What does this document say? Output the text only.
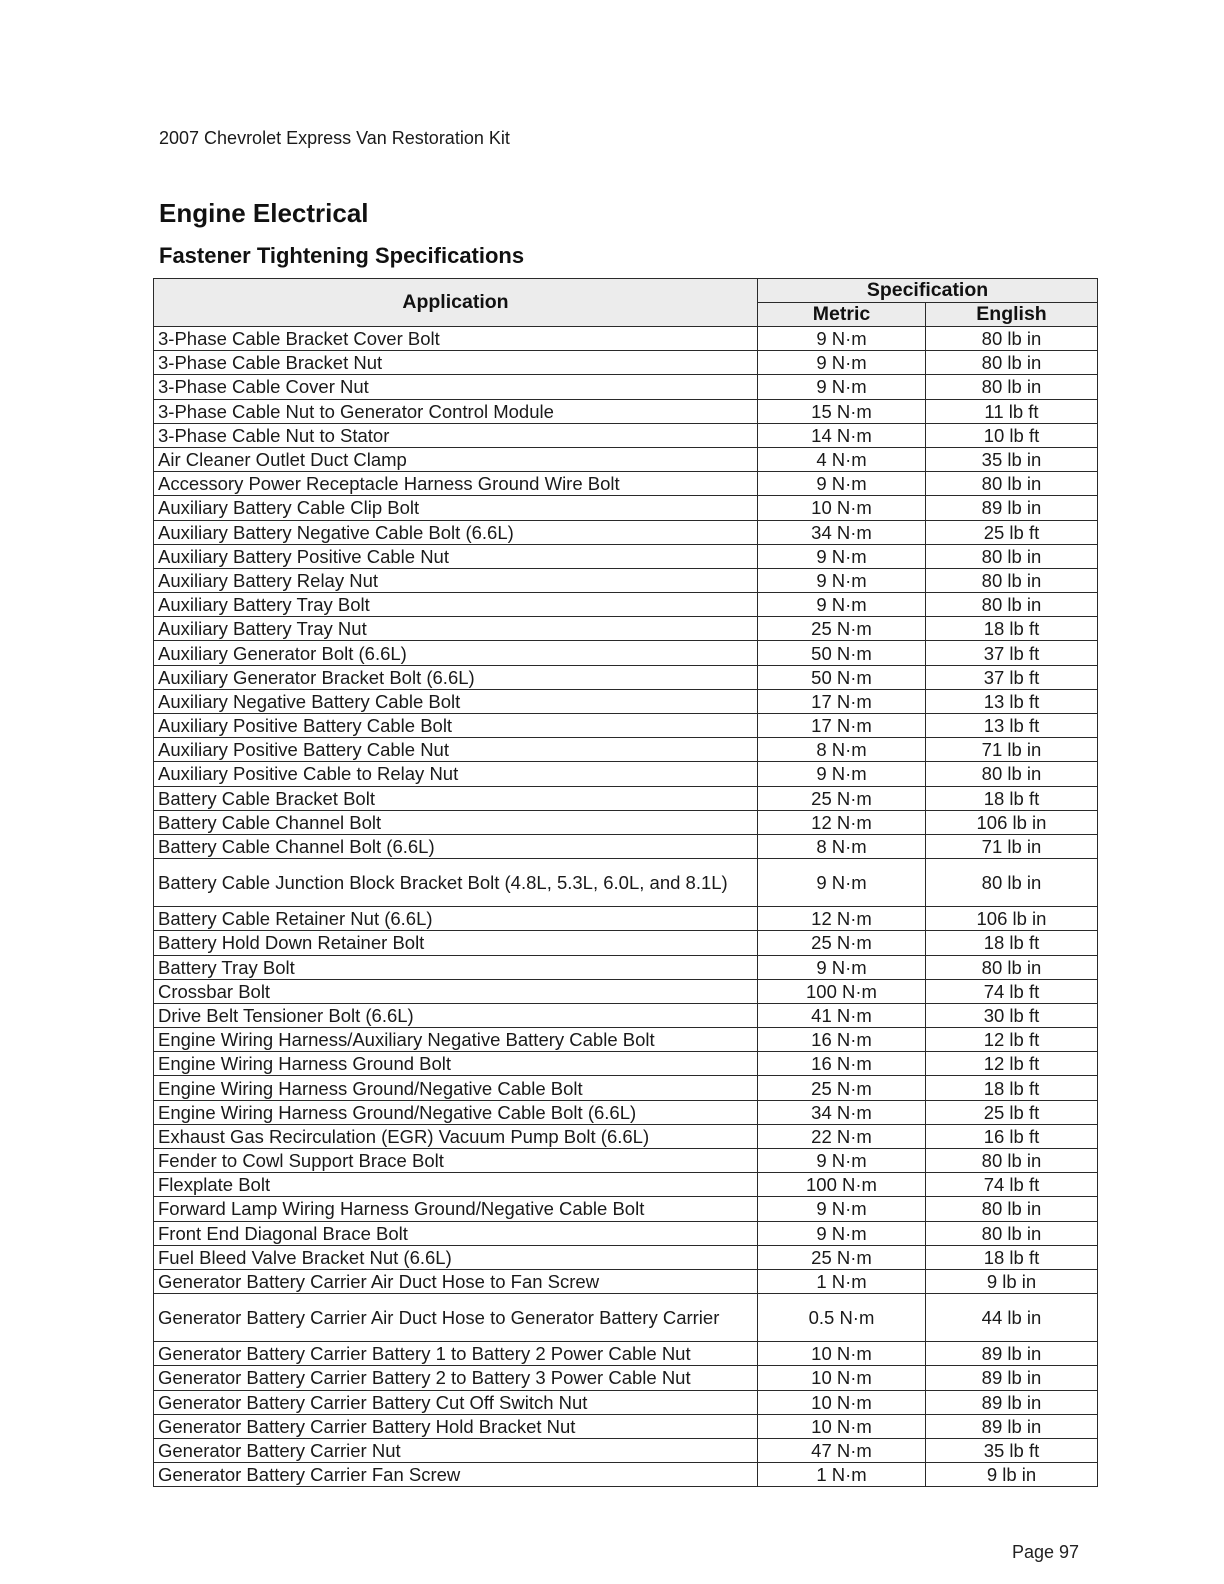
2007 Chevrolet Express Van Restoration Kit
Engine Electrical
Fastener Tightening Specifications
Application	Specification	
	Metric	English
3-Phase Cable Bracket Cover Bolt	9 N·m	80 lb in
3-Phase Cable Bracket Nut	9 N·m	80 lb in
3-Phase Cable Cover Nut	9 N·m	80 lb in
3-Phase Cable Nut to Generator Control Module	15 N·m	11 lb ft
3-Phase Cable Nut to Stator	14 N·m	10 lb ft
Air Cleaner Outlet Duct Clamp	4 N·m	35 lb in
Accessory Power Receptacle Harness Ground Wire Bolt	9 N·m	80 lb in
Auxiliary Battery Cable Clip Bolt	10 N·m	89 lb in
Auxiliary Battery Negative Cable Bolt (6.6L)	34 N·m	25 lb ft
Auxiliary Battery Positive Cable Nut	9 N·m	80 lb in
Auxiliary Battery Relay Nut	9 N·m	80 lb in
Auxiliary Battery Tray Bolt	9 N·m	80 lb in
Auxiliary Battery Tray Nut	25 N·m	18 lb ft
Auxiliary Generator Bolt (6.6L)	50 N·m	37 lb ft
Auxiliary Generator Bracket Bolt (6.6L)	50 N·m	37 lb ft
Auxiliary Negative Battery Cable Bolt	17 N·m	13 lb ft
Auxiliary Positive Battery Cable Bolt	17 N·m	13 lb ft
Auxiliary Positive Battery Cable Nut	8 N·m	71 lb in
Auxiliary Positive Cable to Relay Nut	9 N·m	80 lb in
Battery Cable Bracket Bolt	25 N·m	18 lb ft
Battery Cable Channel Bolt	12 N·m	106 lb in
Battery Cable Channel Bolt (6.6L)	8 N·m	71 lb in
Battery Cable Junction Block Bracket Bolt (4.8L, 5.3L, 6.0L, and 8.1L)	9 N·m	80 lb in
Battery Cable Retainer Nut (6.6L)	12 N·m	106 lb in
Battery Hold Down Retainer Bolt	25 N·m	18 lb ft
Battery Tray Bolt	9 N·m	80 lb in
Crossbar Bolt	100 N·m	74 lb ft
Drive Belt Tensioner Bolt (6.6L)	41 N·m	30 lb ft
Engine Wiring Harness/Auxiliary Negative Battery Cable Bolt	16 N·m	12 lb ft
Engine Wiring Harness Ground Bolt	16 N·m	12 lb ft
Engine Wiring Harness Ground/Negative Cable Bolt	25 N·m	18 lb ft
Engine Wiring Harness Ground/Negative Cable Bolt (6.6L)	34 N·m	25 lb ft
Exhaust Gas Recirculation (EGR) Vacuum Pump Bolt (6.6L)	22 N·m	16 lb ft
Fender to Cowl Support Brace Bolt	9 N·m	80 lb in
Flexplate Bolt	100 N·m	74 lb ft
Forward Lamp Wiring Harness Ground/Negative Cable Bolt	9 N·m	80 lb in
Front End Diagonal Brace Bolt	9 N·m	80 lb in
Fuel Bleed Valve Bracket Nut (6.6L)	25 N·m	18 lb ft
Generator Battery Carrier Air Duct Hose to Fan Screw	1 N·m	9 lb in
Generator Battery Carrier Air Duct Hose to Generator Battery Carrier	0.5 N·m	44 lb in
Generator Battery Carrier Battery 1 to Battery 2 Power Cable Nut	10 N·m	89 lb in
Generator Battery Carrier Battery 2 to Battery 3 Power Cable Nut	10 N·m	89 lb in
Generator Battery Carrier Battery Cut Off Switch Nut	10 N·m	89 lb in
Generator Battery Carrier Battery Hold Bracket Nut	10 N·m	89 lb in
Generator Battery Carrier Nut	47 N·m	35 lb ft
Generator Battery Carrier Fan Screw	1 N·m	9 lb in
Page 97
